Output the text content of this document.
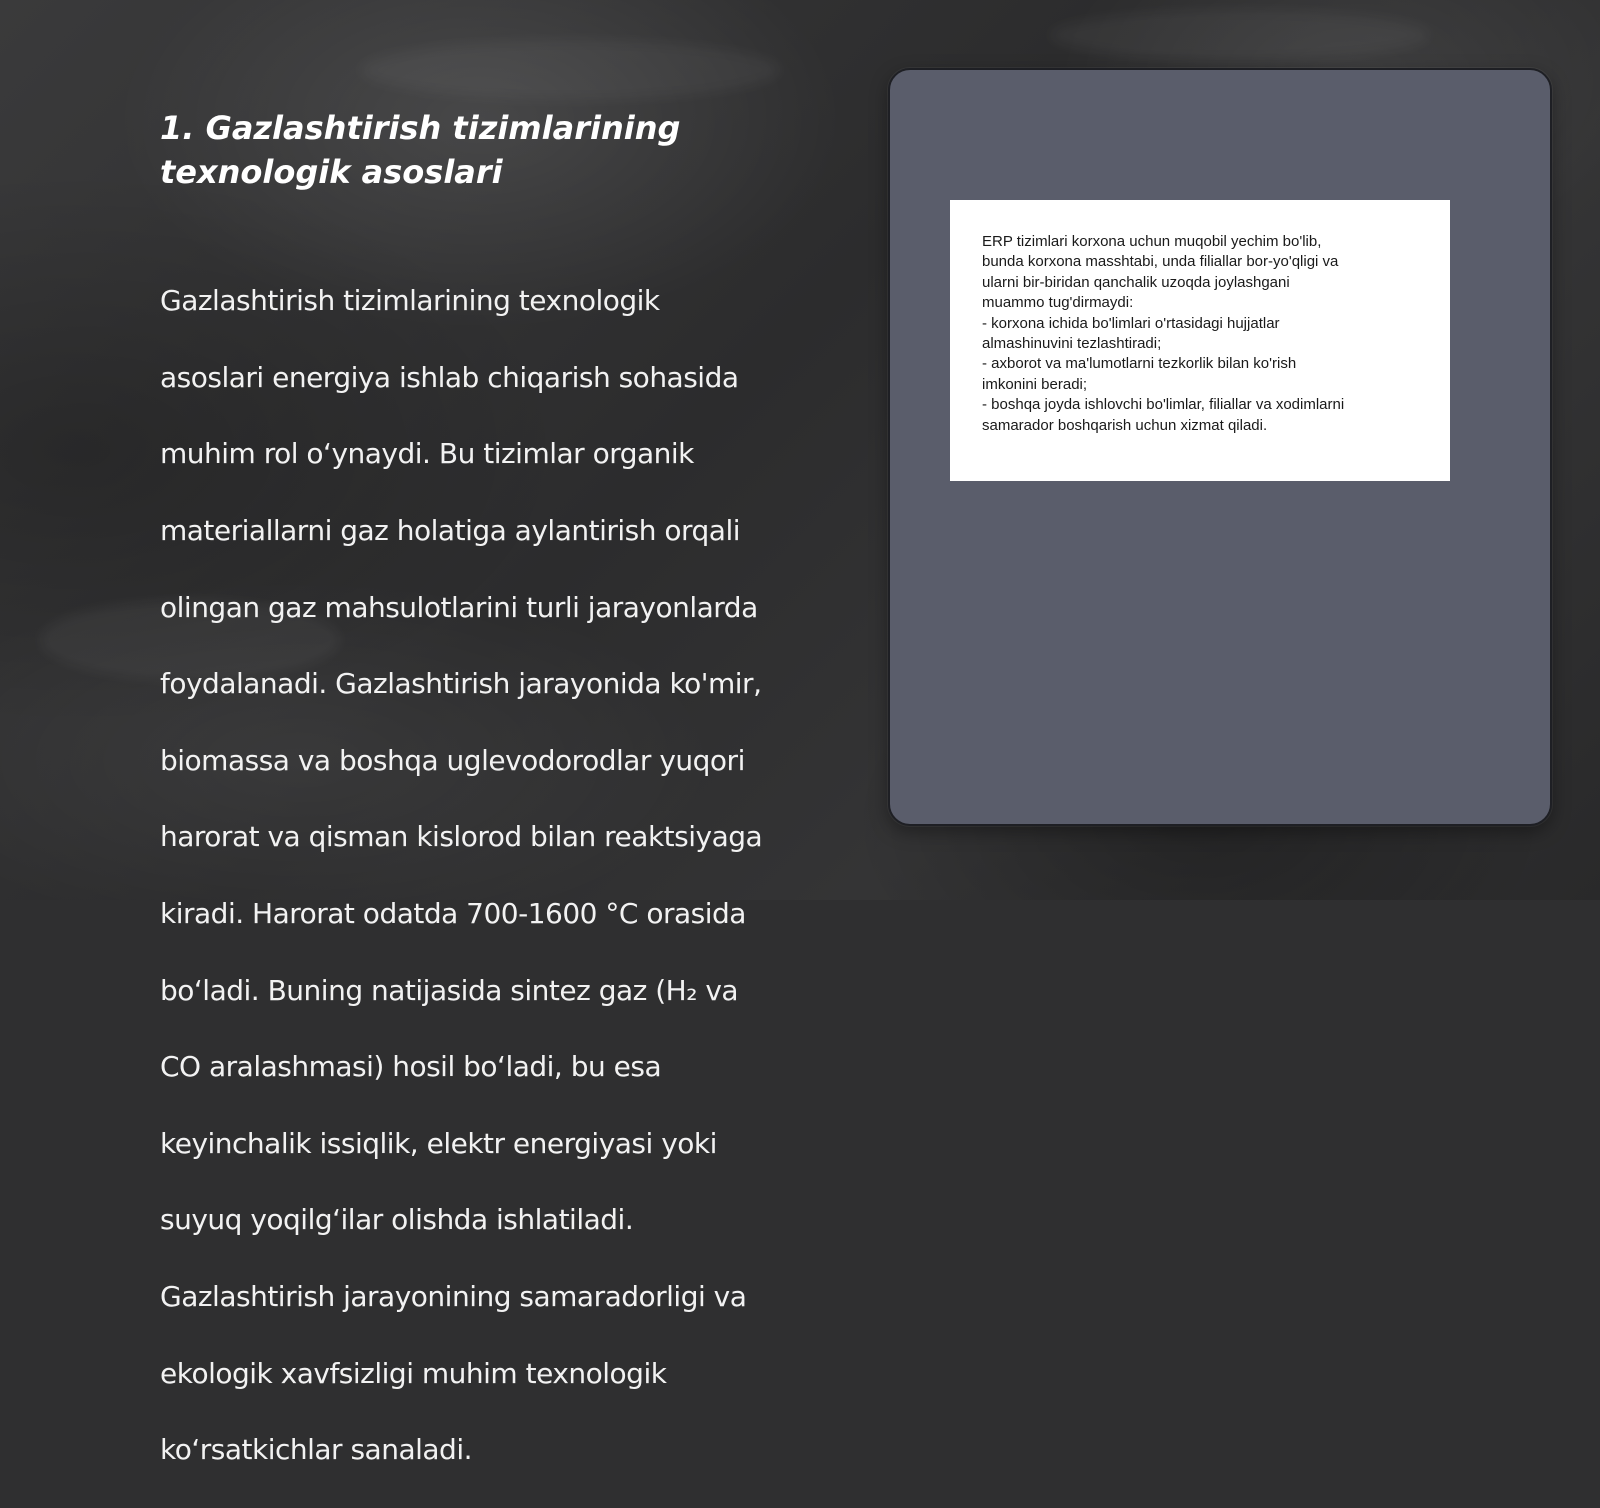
1. Gazlashtirish tizimlarining
texnologik asoslari

Gazlashtirish tizimlarining texnologik

asoslari energiya ishlab chiqarish sohasida

muhim rol o‘ynaydi. Bu tizimlar organik

materiallarni gaz holatiga aylantirish orqali

olingan gaz mahsulotlarini turli jarayonlarda

foydalanadi. Gazlashtirish jarayonida ko'mir,

biomassa va boshqa uglevodorodlar yuqori

harorat va qisman kislorod bilan reaktsiyaga

kiradi. Harorat odatda 700-1600 °C orasida

bo‘ladi. Buning natijasida sintez gaz (H₂ va

CO aralashmasi) hosil bo‘ladi, bu esa

keyinchalik issiqlik, elektr energiyasi yoki

suyuq yoqilg‘ilar olishda ishlatiladi.

Gazlashtirish jarayonining samaradorligi va

ekologik xavfsizligi muhim texnologik

ko‘rsatkichlar sanaladi.

ERP tizimlari korxona uchun muqobil yechim bo'lib,
bunda korxona masshtabi, unda filiallar bor-yo'qligi va
ularni bir-biridan qanchalik uzoqda joylashgani
muammo tug'dirmaydi:
- korxona ichida bo'limlari o'rtasidagi hujjatlar
almashinuvini tezlashtiradi;
- axborot va ma'lumotlarni tezkorlik bilan ko'rish
imkonini beradi;
- boshqa joyda ishlovchi bo'limlar, filiallar va xodimlarni
samarador boshqarish uchun xizmat qiladi.
